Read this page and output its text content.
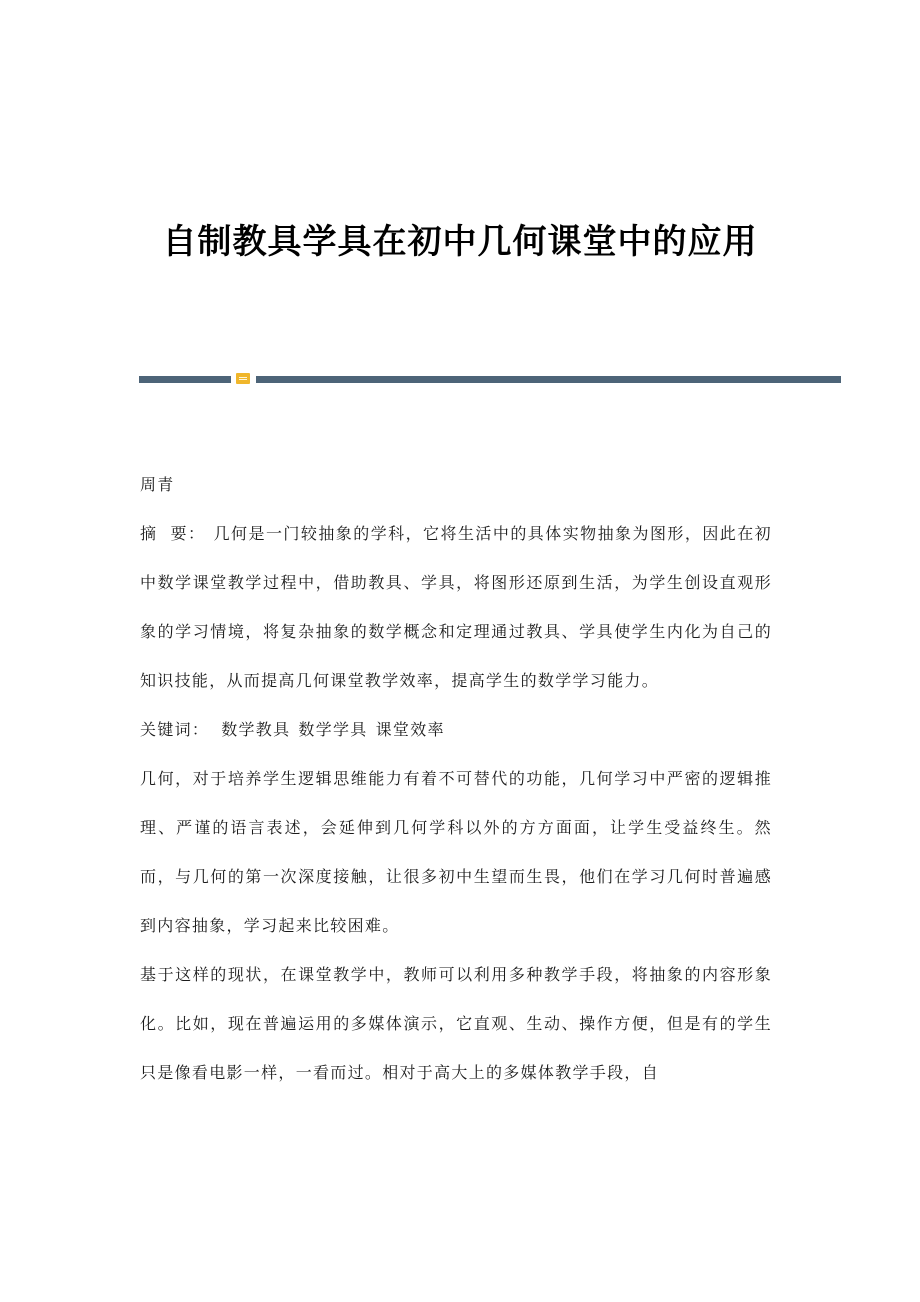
自制教具学具在初中几何课堂中的应用

周青

摘  要： 几何是一门较抽象的学科，它将生活中的具体实物抽象为图形，因此在初中数学课堂教学过程中，借助教具、学具，将图形还原到生活，为学生创设直观形象的学习情境，将复杂抽象的数学概念和定理通过教具、学具使学生内化为自己的知识技能，从而提高几何课堂教学效率，提高学生的数学学习能力。

关键词： 数学教具 数学学具 课堂效率

几何，对于培养学生逻辑思维能力有着不可替代的功能，几何学习中严密的逻辑推理、严谨的语言表述，会延伸到几何学科以外的方方面面，让学生受益终生。然而，与几何的第一次深度接触，让很多初中生望而生畏，他们在学习几何时普遍感到内容抽象，学习起来比较困难。

基于这样的现状，在课堂教学中，教师可以利用多种教学手段，将抽象的内容形象化。比如，现在普遍运用的多媒体演示，它直观、生动、操作方便，但是有的学生只是像看电影一样，一看而过。相对于高大上的多媒体教学手段，自
